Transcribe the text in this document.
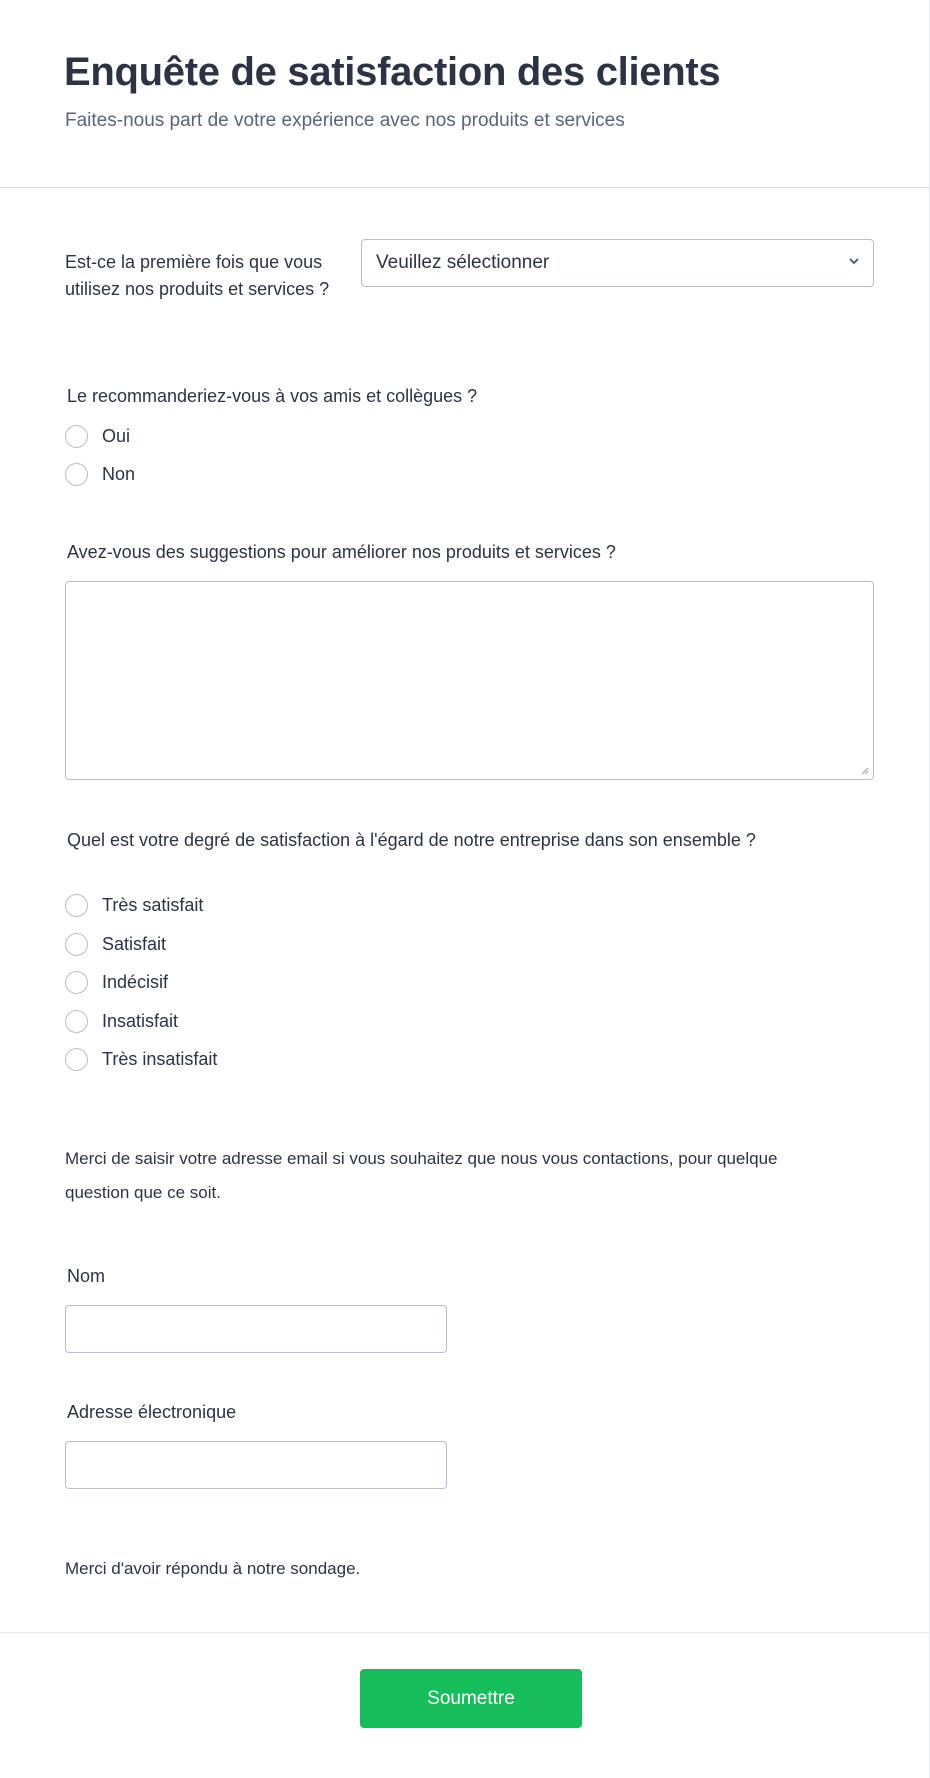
Enquête de satisfaction des clients
Faites-nous part de votre expérience avec nos produits et services
Est-ce la première fois que vous utilisez nos produits et services ?
Veuillez sélectionner
Le recommanderiez-vous à vos amis et collègues ?
Oui
Non
Avez-vous des suggestions pour améliorer nos produits et services ?
Quel est votre degré de satisfaction à l'égard de notre entreprise dans son ensemble ?
Très satisfait
Satisfait
Indécisif
Insatisfait
Très insatisfait
Merci de saisir votre adresse email si vous souhaitez que nous vous contactions, pour quelque question que ce soit.
Nom
Adresse électronique
Merci d'avoir répondu à notre sondage.
Soumettre
